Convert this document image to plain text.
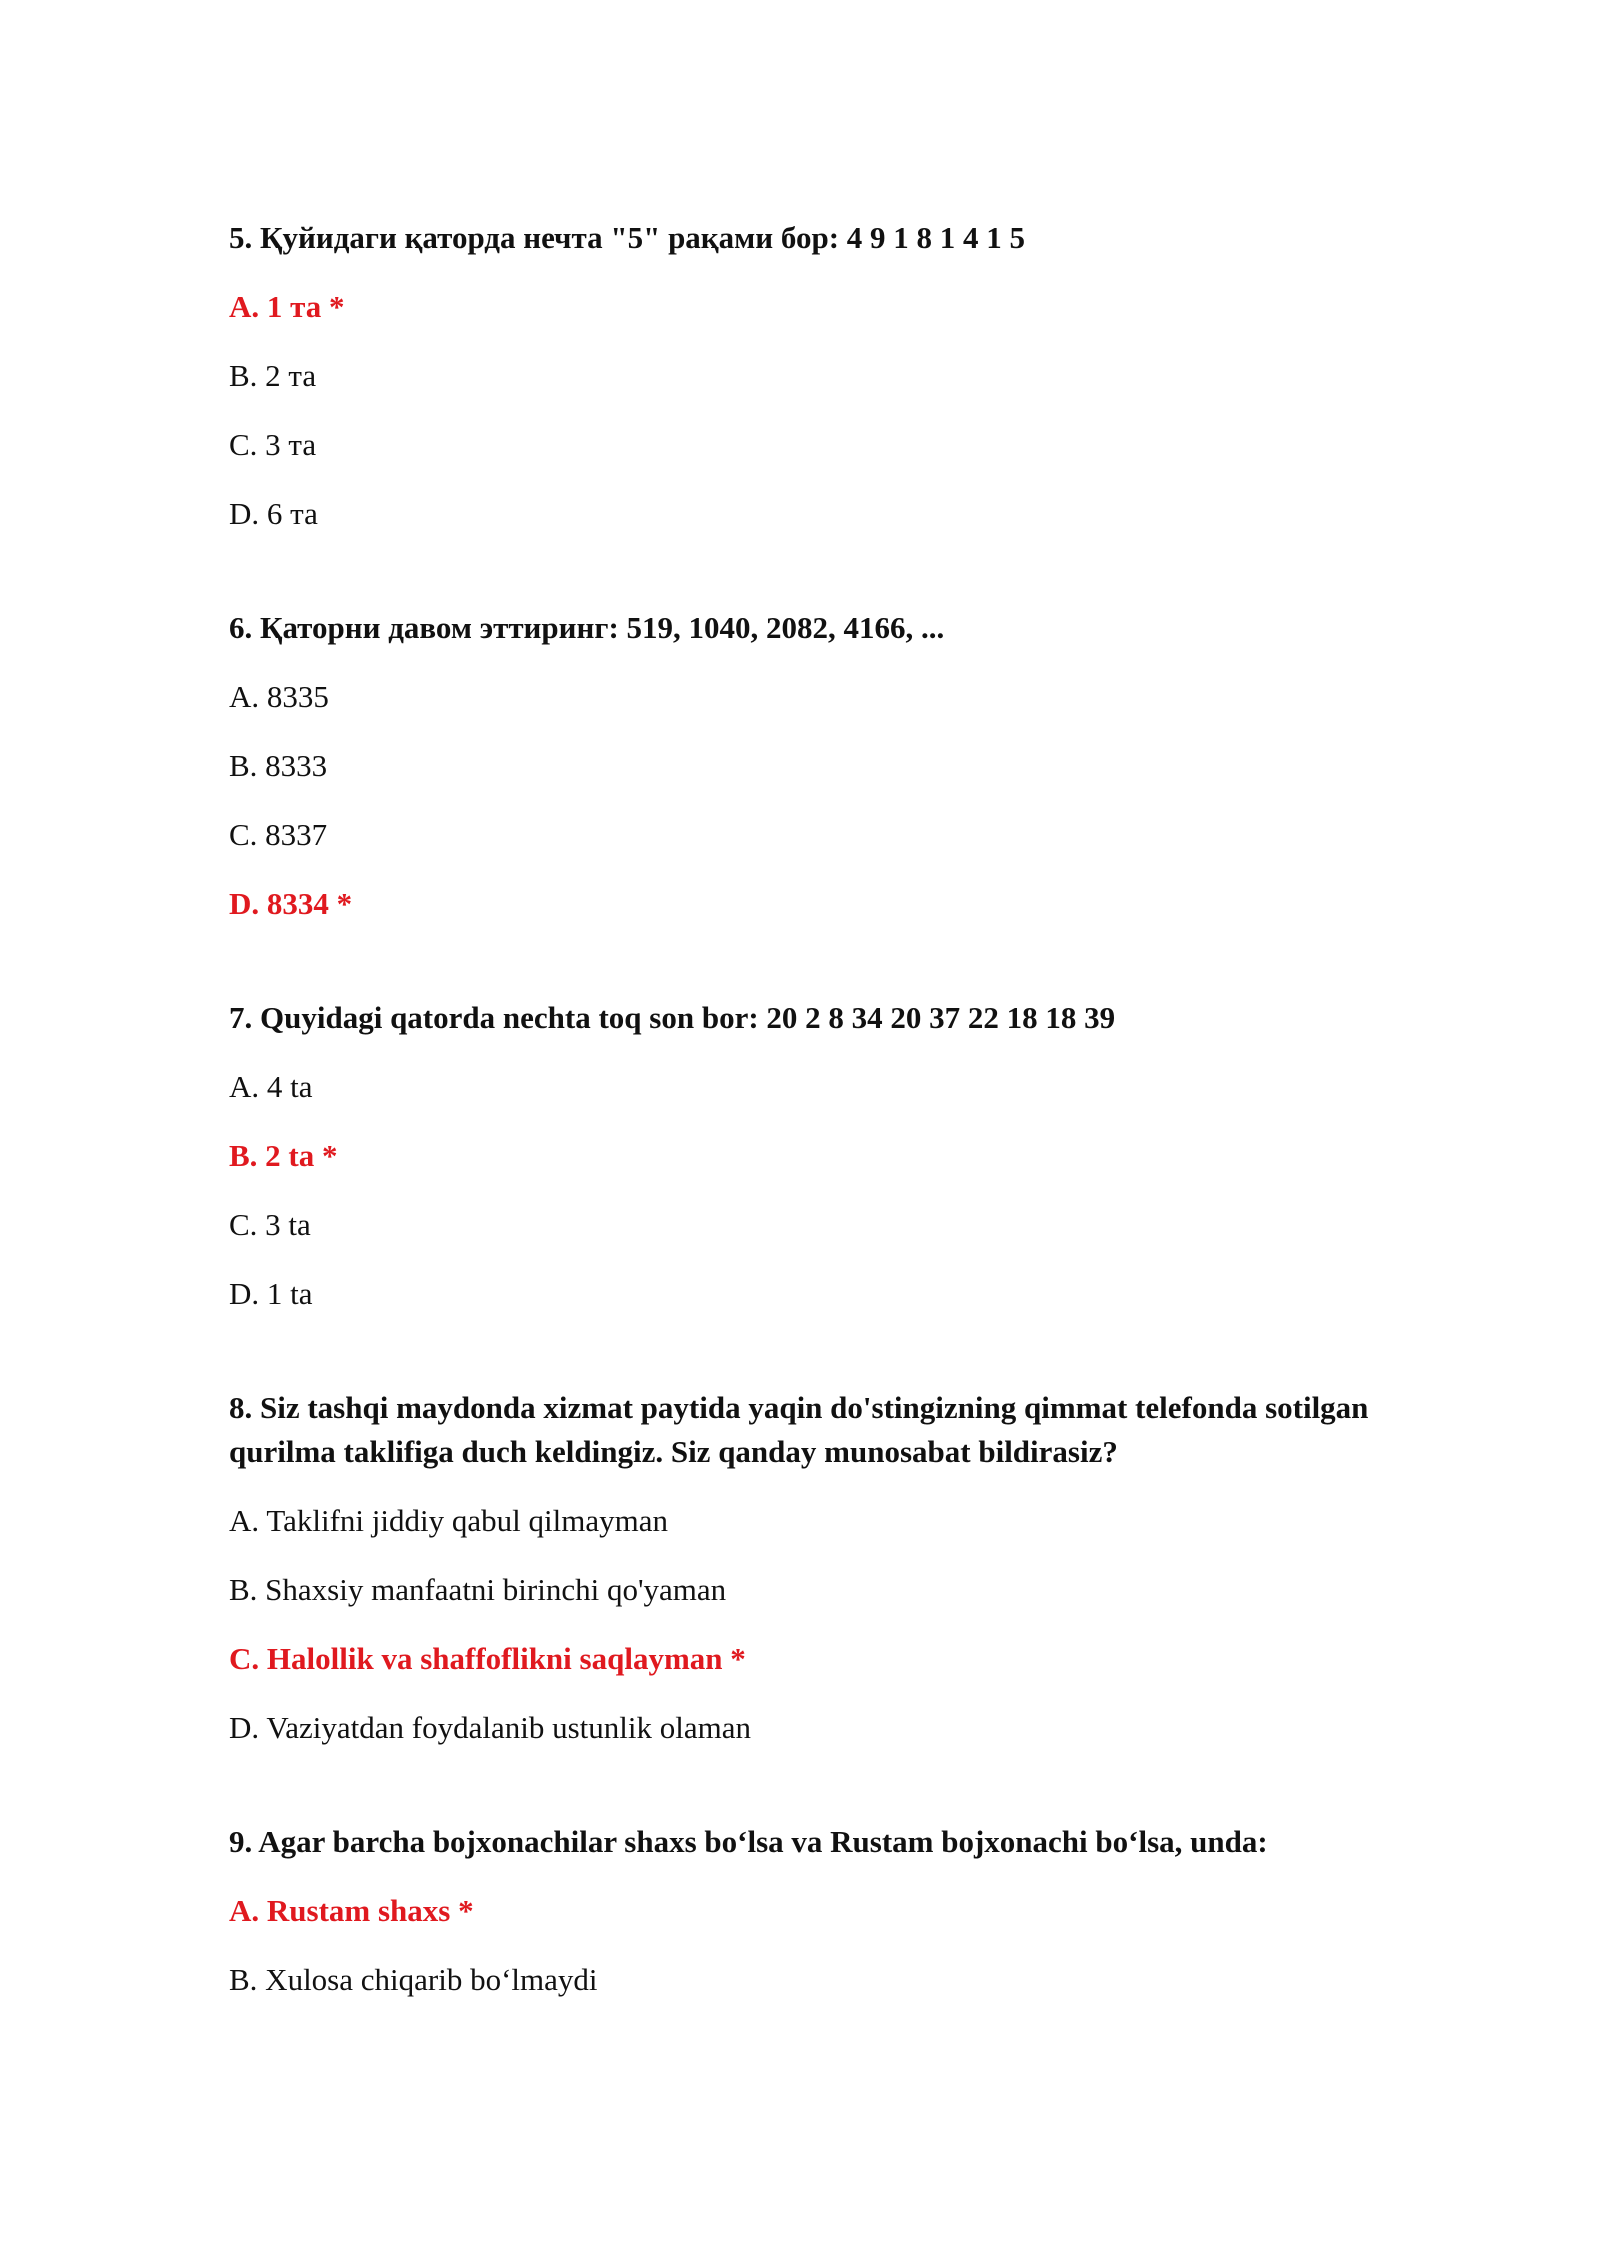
5. Қуйидаги қаторда нечта "5" рақами бор: 4 9 1 8 1 4 1 5
A. 1 та *
B. 2 та
C. 3 та
D. 6 та
6. Қаторни давом эттиринг: 519, 1040, 2082, 4166, ...
A. 8335
B. 8333
C. 8337
D. 8334 *
7. Quyidagi qatorda nechta toq son bor: 20 2 8 34 20 37 22 18 18 39
A. 4 ta
B. 2 ta *
C. 3 ta
D. 1 ta
8. Siz tashqi maydonda xizmat paytida yaqin do'stingizning qimmat telefonda sotilgan qurilma taklifiga duch keldingiz. Siz qanday munosabat bildirasiz?
A. Taklifni jiddiy qabul qilmayman
B. Shaxsiy manfaatni birinchi qo'yaman
C. Halollik va shaffoflikni saqlayman *
D. Vaziyatdan foydalanib ustunlik olaman
9. Agar barcha bojxonachilar shaxs bo‘lsa va Rustam bojxonachi bo‘lsa, unda:
A. Rustam shaxs *
B. Xulosa chiqarib bo‘lmaydi
